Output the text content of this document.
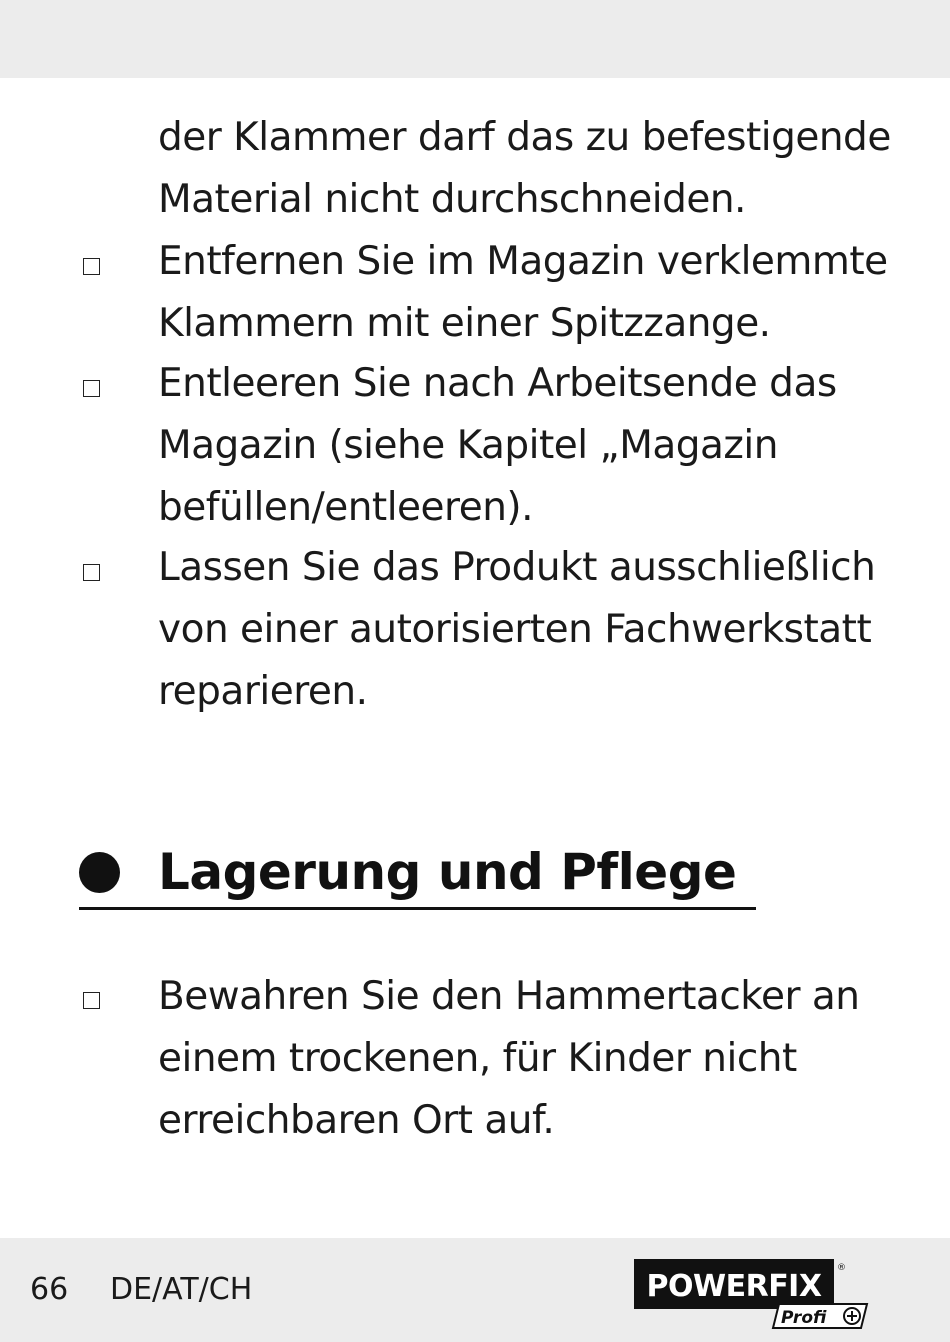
der Klammer darf das zu befestigende
Material nicht durchschneiden.
Entfernen Sie im Magazin verklemmte
Klammern mit einer Spitzzange.
Entleeren Sie nach Arbeitsende das
Magazin (siehe Kapitel „Magazin
befüllen/entleeren).
Lassen Sie das Produkt ausschließlich
von einer autorisierten Fachwerkstatt
reparieren.
Lagerung und Pflege
Bewahren Sie den Hammertacker an
einem trockenen, für Kinder nicht
erreichbaren Ort auf.
66 DE/AT/CH	POWERFIX
®
Profi
